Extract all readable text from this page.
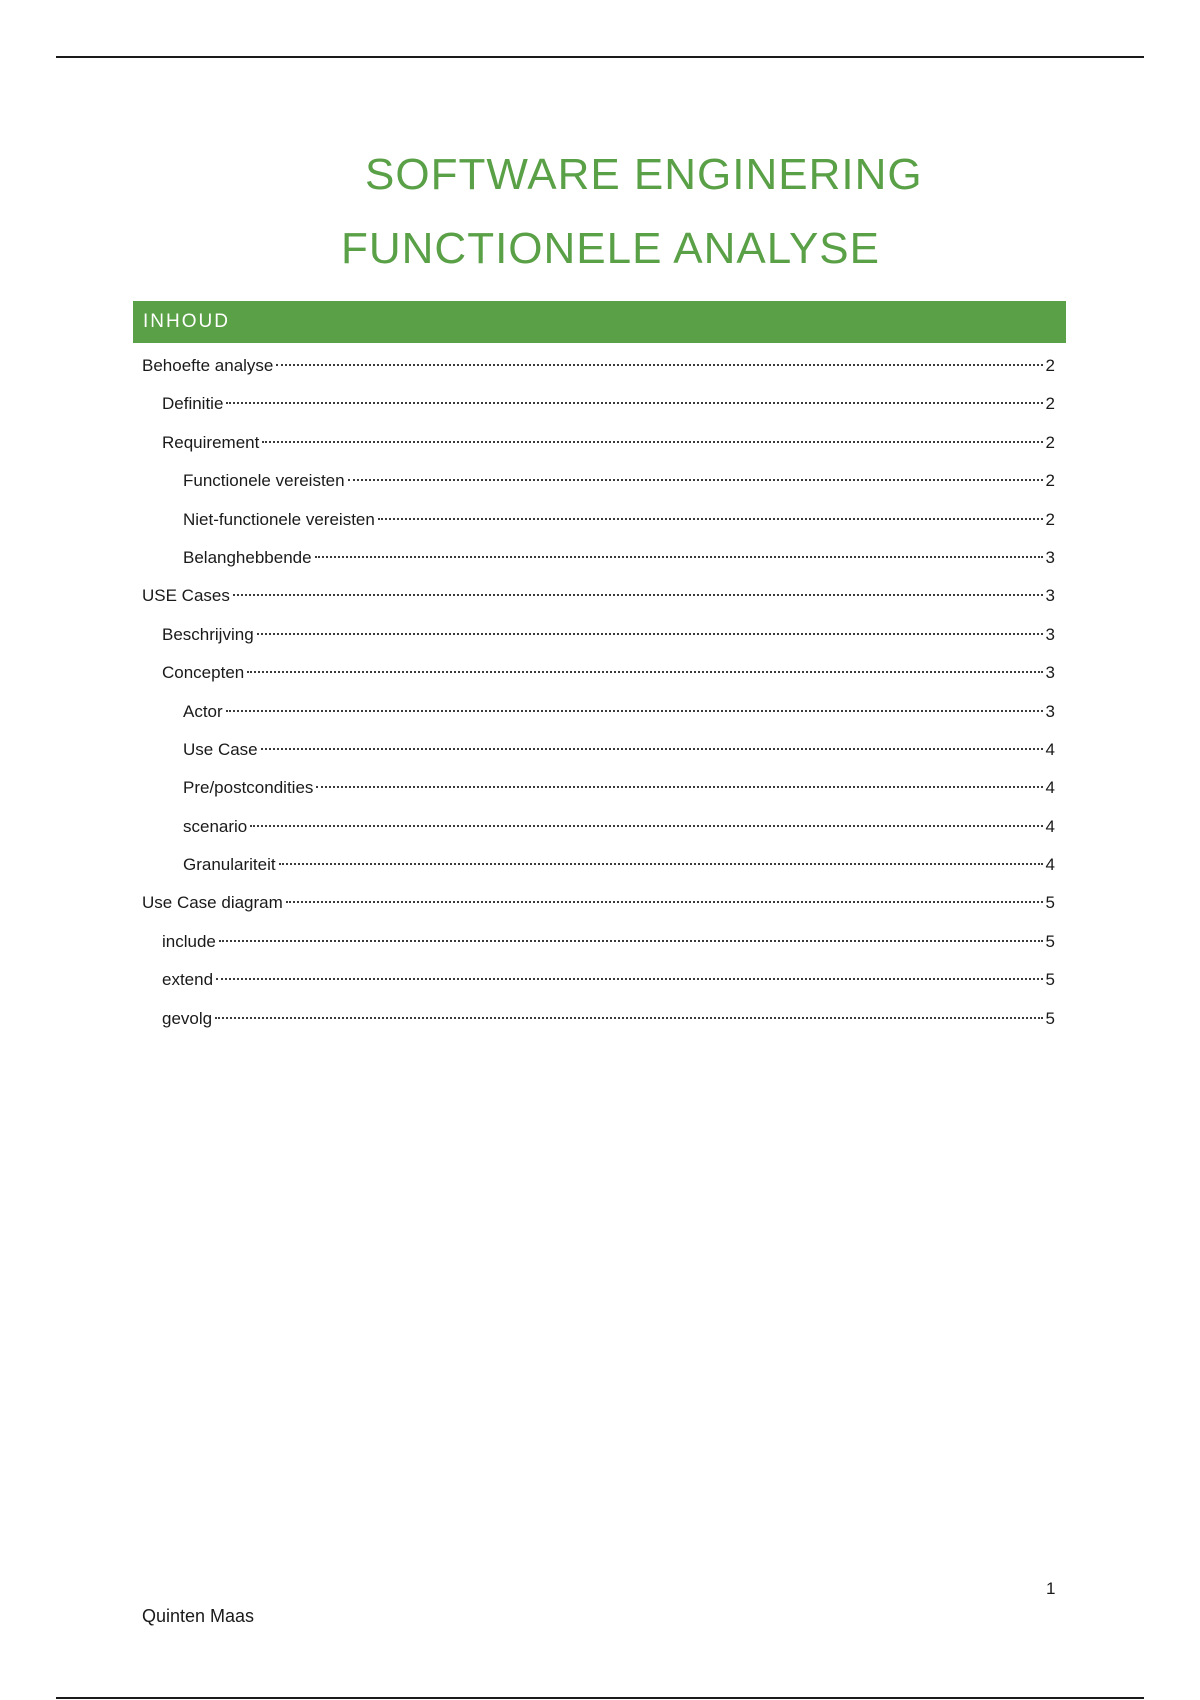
SOFTWARE ENGINERING
FUNCTIONELE ANALYSE
INHOUD
Behoefte analyse	2
Definitie	2
Requirement	2
Functionele vereisten	2
Niet-functionele vereisten	2
Belanghebbende	3
USE Cases	3
Beschrijving	3
Concepten	3
Actor	3
Use Case	4
Pre/postcondities	4
scenario	4
Granulariteit	4
Use Case diagram	5
include	5
extend	5
gevolg	5
1
Quinten Maas
